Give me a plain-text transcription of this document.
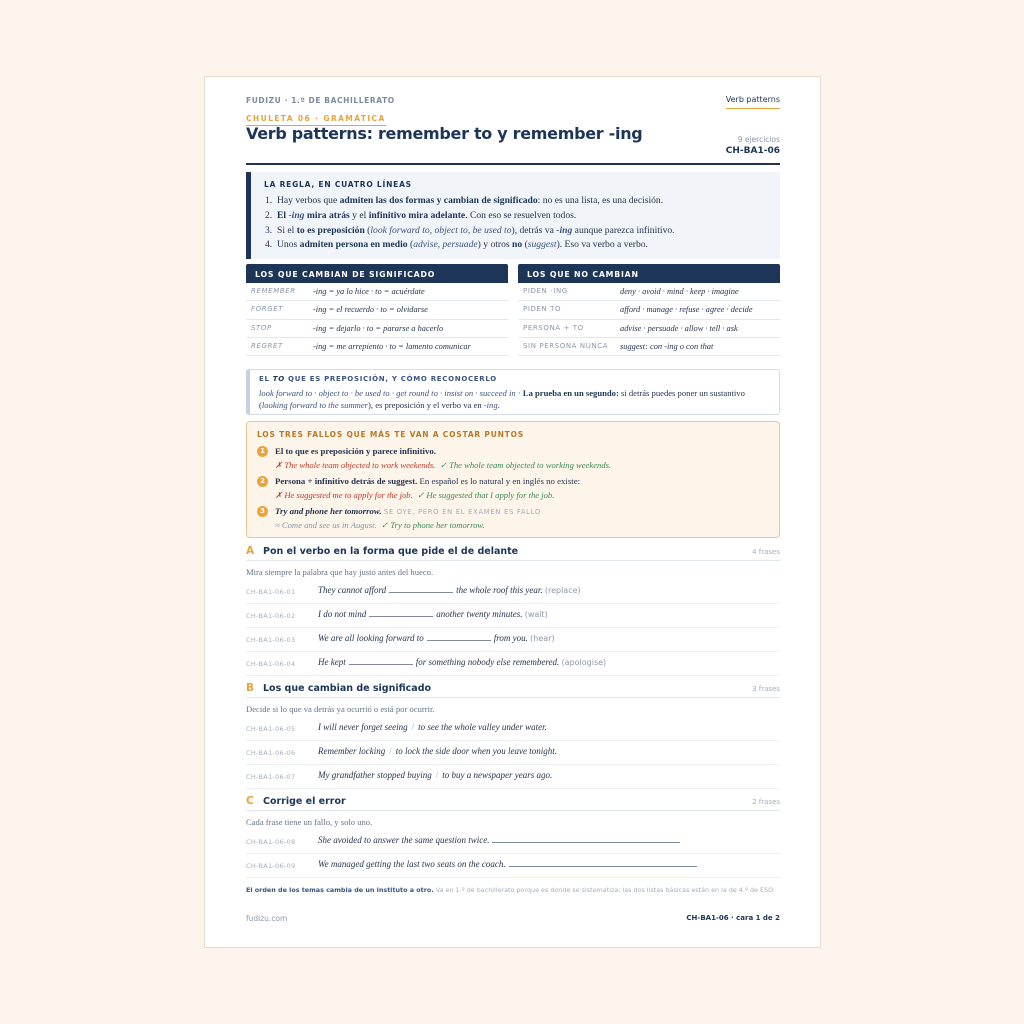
FUDIZU · 1.º DE BACHILLERATO	Verb patterns
CHULETA 06 · GRAMÁTICA
Verb patterns: remember to y remember -ing	9 ejercicios
CH-BA1-06
LA REGLA, EN CUATRO LÍNEAS
1. Hay verbos que admiten las dos formas y cambian de significado: no es una lista, es una decisión.
2. El -ing mira atrás y el infinitivo mira adelante. Con eso se resuelven todos.
3. Si el to es preposición (look forward to, object to, be used to), detrás va -ing aunque parezca infinitivo.
4. Unos admiten persona en medio (advise, persuade) y otros no (suggest). Eso va verbo a verbo.
LOS QUE CAMBIAN DE SIGNIFICADO
REMEMBER -ing = ya lo hice · to = acuérdate
FORGET	-ing = el recuerdo · to = olvidarse
STOP	-ing = dejarlo · to = pararse a hacerlo
REGRET	-ing = me arrepiento · to = lamento comunicar
LOS QUE NO CAMBIAN
PIDEN -ING	deny · avoid · mind · keep · imagine
PIDEN TO	afford · manage · refuse · agree · decide
PERSONA + TO	advise · persuade · allow · tell · ask
SIN PERSONA NUNCA suggest: con -ing o con that
EL TO QUE ES PREPOSICIÓN, Y CÓMO RECONOCERLO
look forward to · object to · be used to · get round to · insist on · succeed in · La prueba en un segundo: si detrás puedes poner un sustantivo (looking forward to the summer), es preposición y el verbo va en -ing.
LOS TRES FALLOS QUE MÁS TE VAN A COSTAR PUNTOS
1	El to que es preposición y parece infinitivo.
✗ The whole team objected to work weekends. ✓ The whole team objected to working weekends.
2	Persona + infinitivo detrás de suggest. En español es lo natural y en inglés no existe:
✗ He suggested me to apply for the job. ✓ He suggested that I apply for the job.
3	Try and phone her tomorrow. SE OYE, PERO EN EL EXAMEN ES FALLO
≈ Come and see us in August. ✓ Try to phone her tomorrow.
A Pon el verbo en la forma que pide el de delante	4 frases
Mira siempre la palabra que hay justo antes del hueco.
CH-BA1-06-01	They cannot afford	the whole roof this year. (replace)
CH-BA1-06-02	I do not mind	another twenty minutes. (wait)
CH-BA1-06-03	We are all looking forward to	from you. (hear)
CH-BA1-06-04	He kept	for something nobody else remembered. (apologise)
B Los que cambian de significado	3 frases
Decide si lo que va detrás ya ocurrió o está por ocurrir.
CH-BA1-06-05	I will never forget seeing / to see the whole valley under water.
CH-BA1-06-06	Remember locking / to lock the side door when you leave tonight.
CH-BA1-06-07	My grandfather stopped buying / to buy a newspaper years ago.
C Corrige el error	2 frases
Cada frase tiene un fallo, y solo uno.
CH-BA1-06-08	She avoided to answer the same question twice.
CH-BA1-06-09	We managed getting the last two seats on the coach.
El orden de los temas cambia de un instituto a otro. Va en 1.º de bachillerato porque es donde se sistematiza; las dos listas básicas están en la de 4.º de ESO.
fudizu.com	CH-BA1-06 · cara 1 de 2
